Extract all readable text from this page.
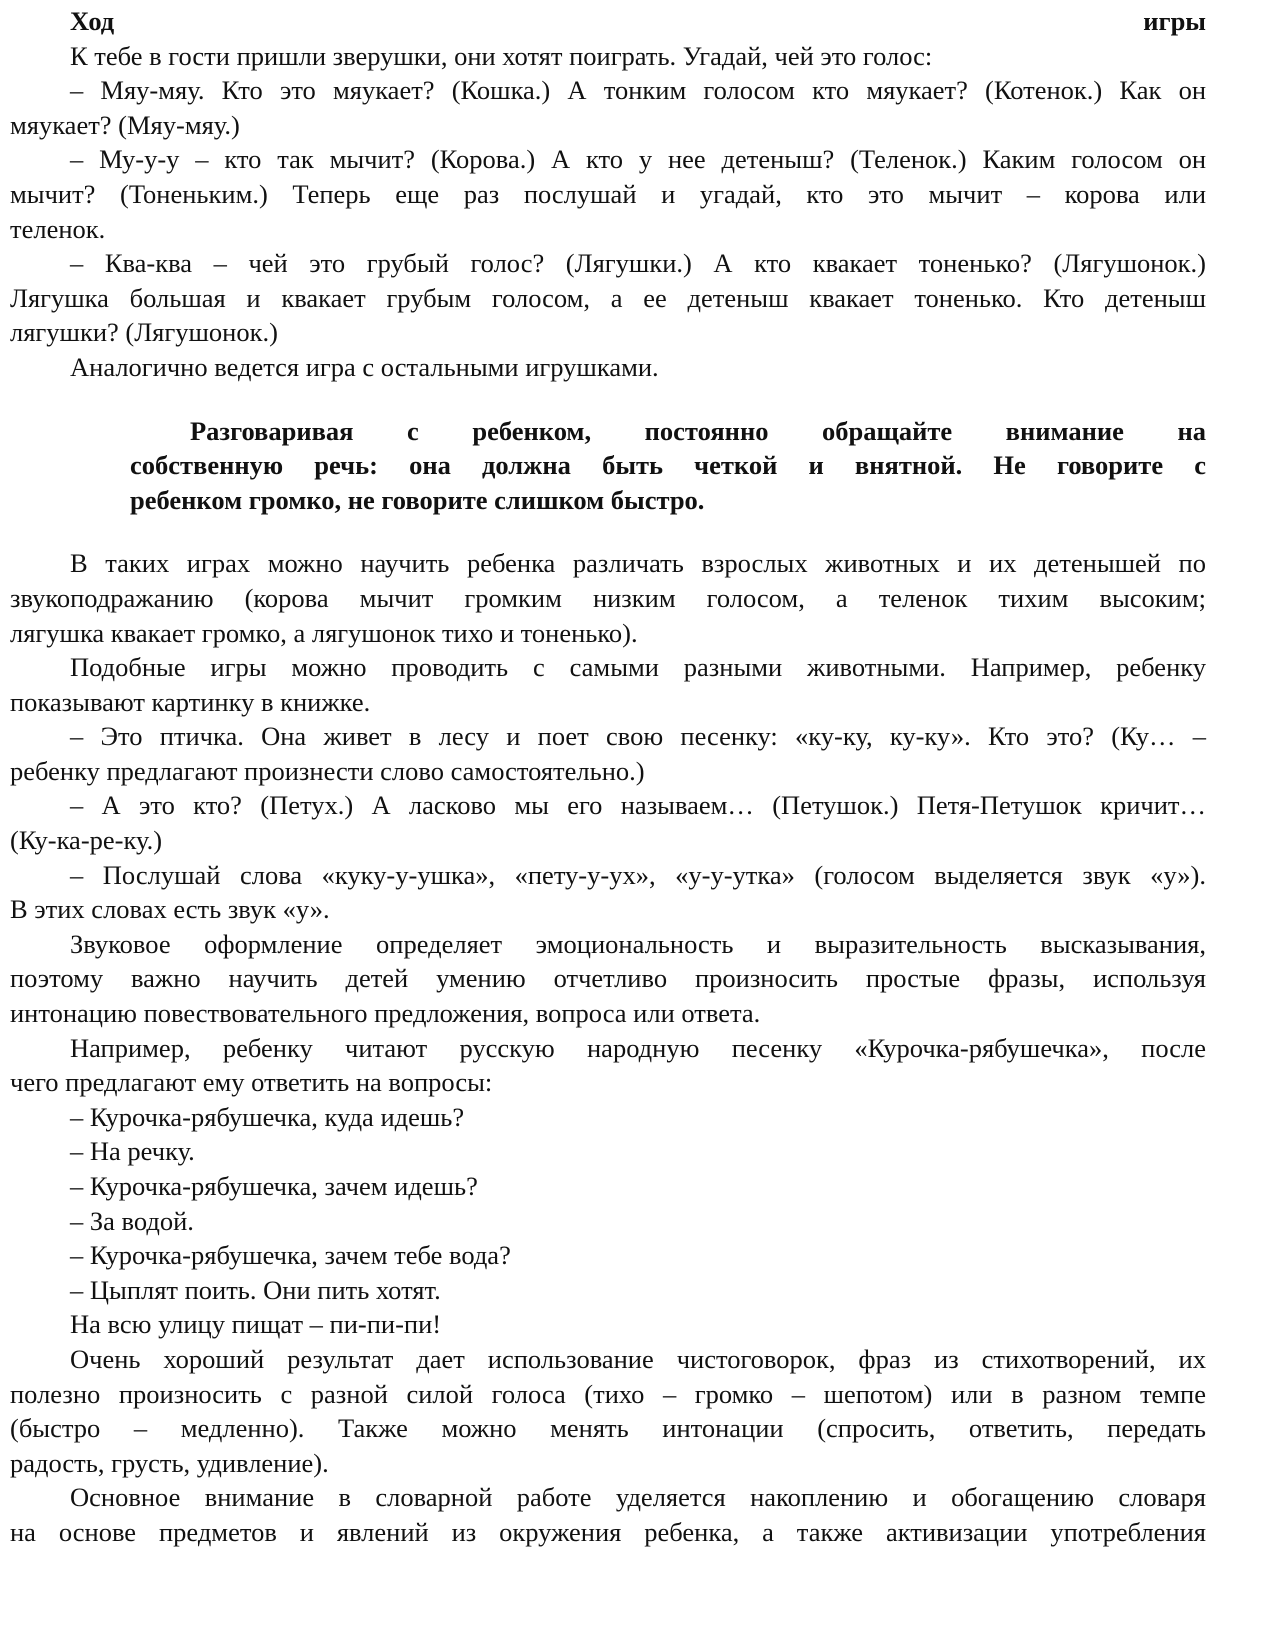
Ход игры
К тебе в гости пришли зверушки, они хотят поиграть. Угадай, чей это голос:
– Мяу-мяу. Кто это мяукает? (Кошка.) А тонким голосом кто мяукает? (Котенок.) Как он
мяукает? (Мяу-мяу.)
– Му-у-у – кто так мычит? (Корова.) А кто у нее детеныш? (Теленок.) Каким голосом он
мычит? (Тоненьким.) Теперь еще раз послушай и угадай, кто это мычит – корова или
теленок.
– Ква-ква – чей это грубый голос? (Лягушки.) А кто квакает тоненько? (Лягушонок.)
Лягушка большая и квакает грубым голосом, а ее детеныш квакает тоненько. Кто детеныш
лягушки? (Лягушонок.)
Аналогично ведется игра с остальными игрушками.
Разговаривая с ребенком, постоянно обращайте внимание на
собственную речь: она должна быть четкой и внятной. Не говорите с
ребенком громко, не говорите слишком быстро.
В таких играх можно научить ребенка различать взрослых животных и их детенышей по
звукоподражанию (корова мычит громким низким голосом, а теленок тихим высоким;
лягушка квакает громко, а лягушонок тихо и тоненько).
Подобные игры можно проводить с самыми разными животными. Например, ребенку
показывают картинку в книжке.
– Это птичка. Она живет в лесу и поет свою песенку: «ку-ку, ку-ку». Кто это? (Ку… –
ребенку предлагают произнести слово самостоятельно.)
– А это кто? (Петух.) А ласково мы его называем… (Петушок.) Петя-Петушок кричит…
(Ку-ка-ре-ку.)
– Послушай слова «куку-у-ушка», «пету-у-ух», «у-у-утка» (голосом выделяется звук «у»).
В этих словах есть звук «у».
Звуковое оформление определяет эмоциональность и выразительность высказывания,
поэтому важно научить детей умению отчетливо произносить простые фразы, используя
интонацию повествовательного предложения, вопроса или ответа.
Например, ребенку читают русскую народную песенку «Курочка-рябушечка», после
чего предлагают ему ответить на вопросы:
– Курочка-рябушечка, куда идешь?
– На речку.
– Курочка-рябушечка, зачем идешь?
– За водой.
– Курочка-рябушечка, зачем тебе вода?
– Цыплят поить. Они пить хотят.
На всю улицу пищат – пи-пи-пи!
Очень хороший результат дает использование чистоговорок, фраз из стихотворений, их
полезно произносить с разной силой голоса (тихо – громко – шепотом) или в разном темпе
(быстро – медленно). Также можно менять интонации (спросить, ответить, передать
радость, грусть, удивление).
Основное внимание в словарной работе уделяется накоплению и обогащению словаря
на основе предметов и явлений из окружения ребенка, а также активизации употребления
